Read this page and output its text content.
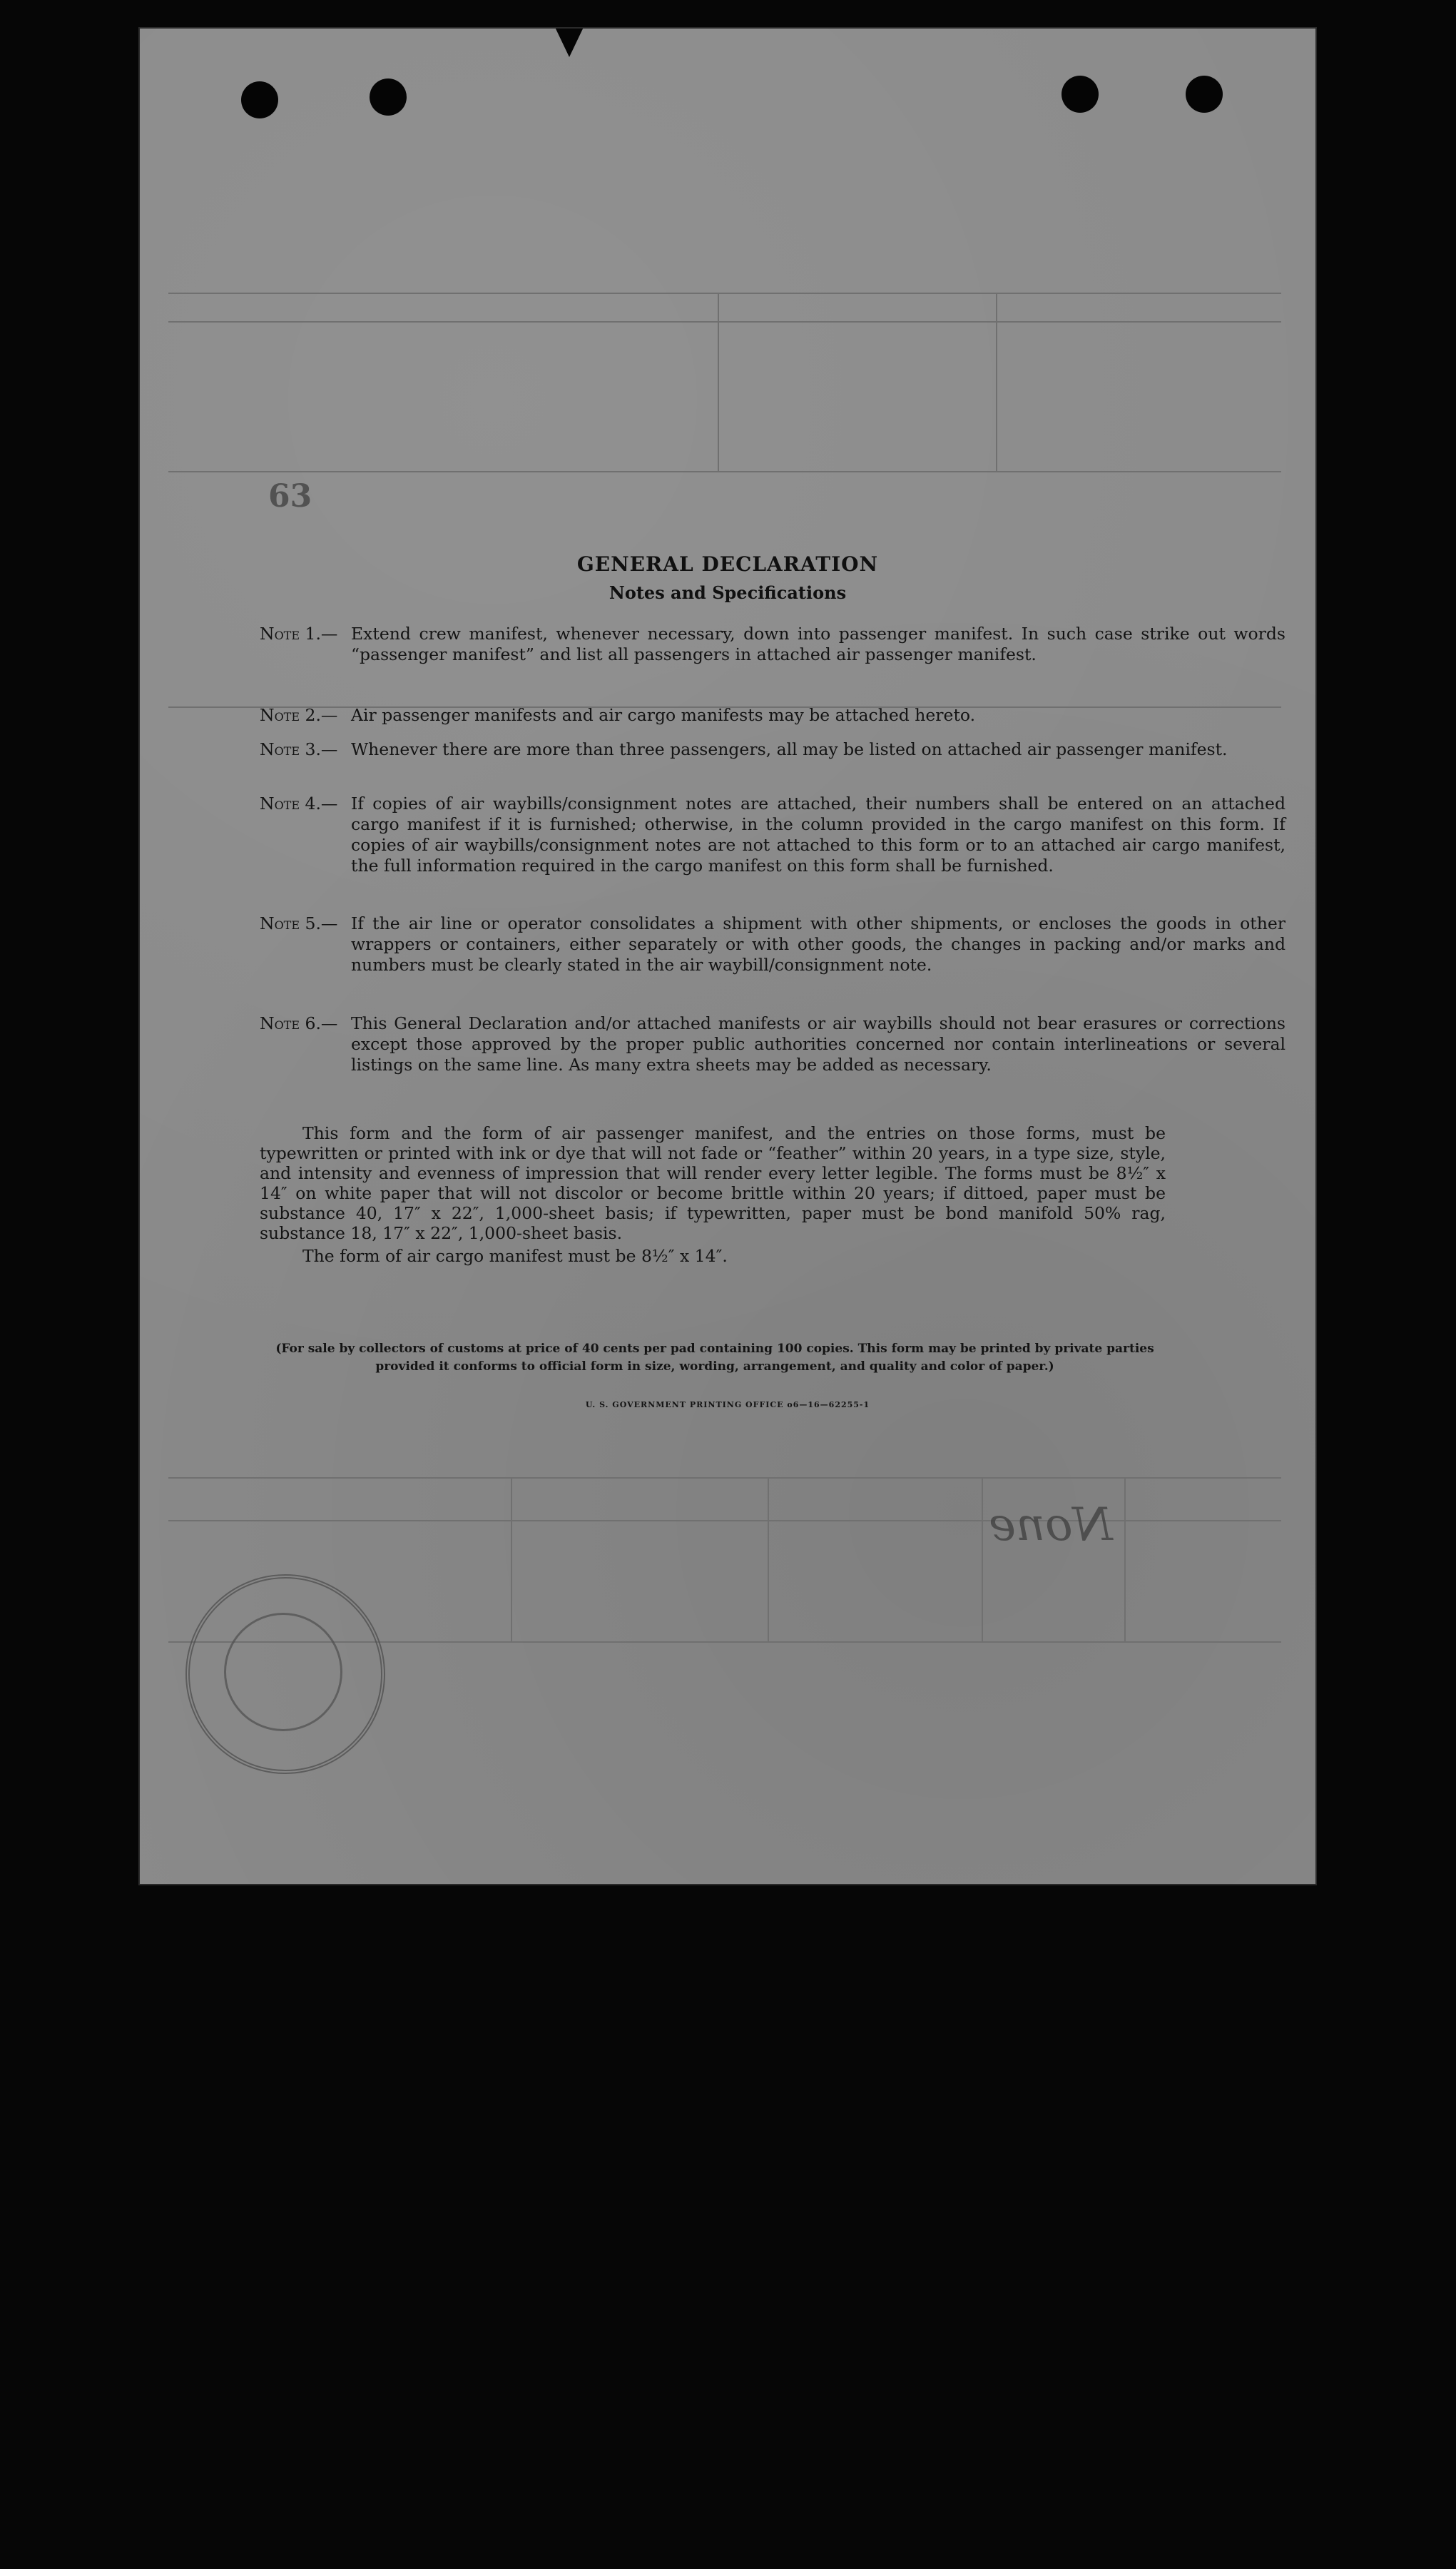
None
63
GENERAL DECLARATION
Notes and Specifications
Note 1.— Extend crew manifest, whenever necessary, down into passenger manifest. In such case strike out words “passenger manifest” and list all passengers in attached air passenger manifest.
Note 2.— Air passenger manifests and air cargo manifests may be attached hereto.
Note 3.— Whenever there are more than three passengers, all may be listed on attached air passenger manifest.
Note 4.— If copies of air waybills/consignment notes are attached, their numbers shall be entered on an attached cargo manifest if it is furnished; otherwise, in the column provided in the cargo manifest on this form. If copies of air waybills/consignment notes are not attached to this form or to an attached air cargo manifest, the full information required in the cargo manifest on this form shall be furnished.
Note 5.— If the air line or operator consolidates a shipment with other shipments, or encloses the goods in other wrappers or containers, either separately or with other goods, the changes in packing and/or marks and numbers must be clearly stated in the air waybill/consignment note.
Note 6.— This General Declaration and/or attached manifests or air waybills should not bear erasures or corrections except those approved by the proper public authorities concerned nor contain interlineations or several listings on the same line. As many extra sheets may be added as necessary.

This form and the form of air passenger manifest, and the entries on those forms, must be typewritten or printed with ink or dye that will not fade or “feather” within 20 years, in a type size, style, and intensity and evenness of impression that will render every letter legible. The forms must be 8½″ x 14″ on white paper that will not discolor or become brittle within 20 years; if dittoed, paper must be substance 40, 17″ x 22″, 1,000-sheet basis; if typewritten, paper must be bond manifold 50% rag, substance 18, 17″ x 22″, 1,000-sheet basis.

The form of air cargo manifest must be 8½″ x 14″.
(For sale by collectors of customs at price of 40 cents per pad containing 100 copies. This form may be printed by private parties provided it conforms to official form in size, wording, arrangement, and quality and color of paper.)
U. S. GOVERNMENT PRINTING OFFICE o6—16—62255-1
